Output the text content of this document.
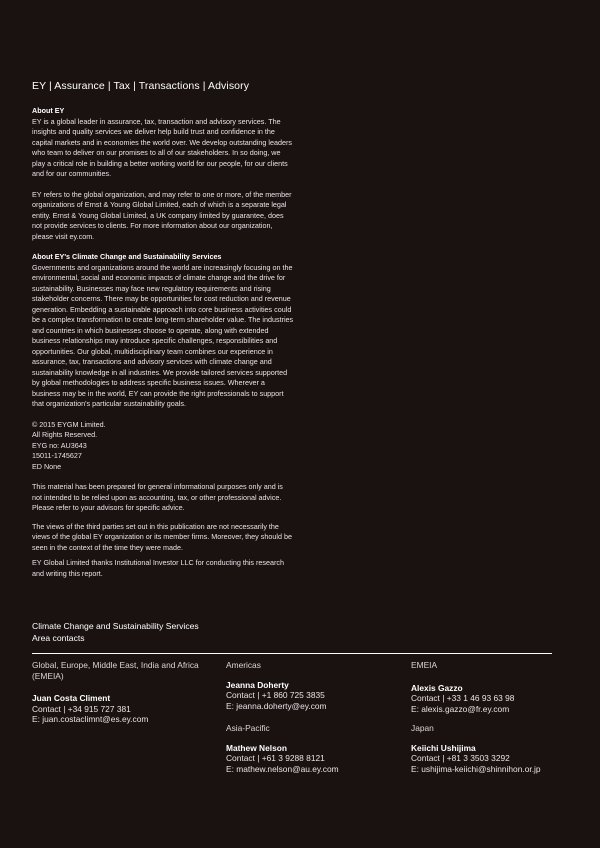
EY | Assurance | Tax | Transactions | Advisory

About EY

EY is a global leader in assurance, tax, transaction and advisory services. The insights and quality services we deliver help build trust and confidence in the capital markets and in economies the world over. We develop outstanding leaders who team to deliver on our promises to all of our stakeholders. In so doing, we play a critical role in building a better working world for our people, for our clients and for our communities.

EY refers to the global organization, and may refer to one or more, of the member organizations of Ernst & Young Global Limited, each of which is a separate legal entity. Ernst & Young Global Limited, a UK company limited by guarantee, does not provide services to clients. For more information about our organization, please visit ey.com.

About EY's Climate Change and Sustainability Services

Governments and organizations around the world are increasingly focusing on the environmental, social and economic impacts of climate change and the drive for sustainability. Businesses may face new regulatory requirements and rising stakeholder concerns. There may be opportunities for cost reduction and revenue generation. Embedding a sustainable approach into core business activities could be a complex transformation to create long-term shareholder value. The industries and countries in which businesses choose to operate, along with extended business relationships may introduce specific challenges, responsibilities and opportunities. Our global, multidisciplinary team combines our experience in assurance, tax, transactions and advisory services with climate change and sustainability knowledge in all industries. We provide tailored services supported by global methodologies to address specific business issues. Wherever a business may be in the world, EY can provide the right professionals to support that organization's particular sustainability goals.

© 2015 EYGM Limited.

All Rights Reserved.

EYG no: AU3643

15011-1745627

ED None

This material has been prepared for general informational purposes only and is not intended to be relied upon as accounting, tax, or other professional advice. Please refer to your advisors for specific advice.

The views of the third parties set out in this publication are not necessarily the views of the global EY organization or its member firms. Moreover, they should be seen in the context of the time they were made.

EY Global Limited thanks Institutional Investor LLC for conducting this research and writing this report.

Climate Change and Sustainability Services
Area contacts
Global, Europe, Middle East, India and Africa (EMEIA)
Juan Costa Climent
Contact | +34 915 727 381
E: juan.costaclimnt@es.ey.com
Americas
Jeanna Doherty
Contact | +1 860 725 3835
E: jeanna.doherty@ey.com
Asia-Pacific
Mathew Nelson
Contact | +61 3 9288 8121
E: mathew.nelson@au.ey.com
EMEIA
Alexis Gazzo
Contact | +33 1 46 93 63 98
E: alexis.gazzo@fr.ey.com
Japan
Keiichi Ushijima
Contact | +81 3 3503 3292
E: ushijima-keiichi@shinnihon.or.jp
